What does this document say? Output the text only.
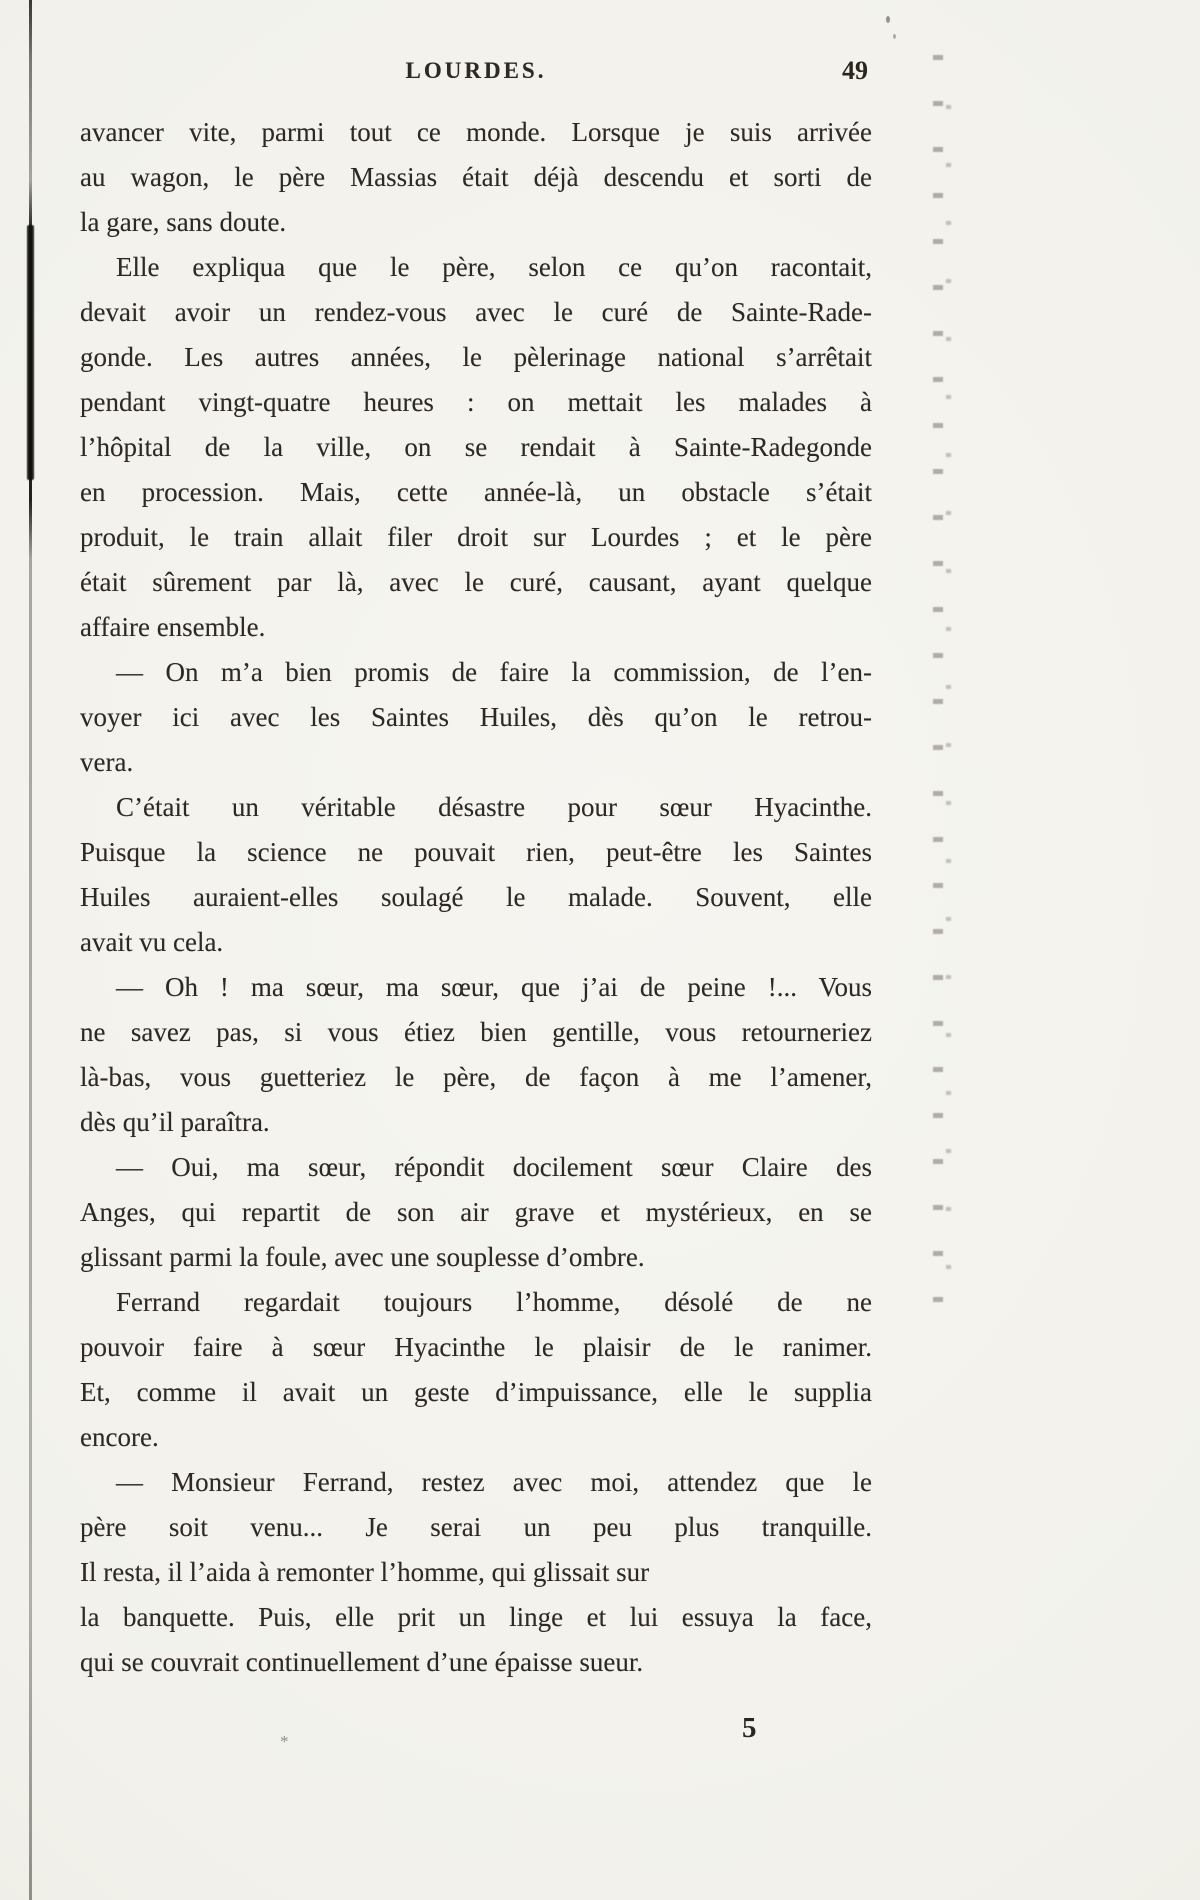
LOURDES.	49
avancer vite, parmi tout ce monde. Lorsque je suis arrivée
au wagon, le père Massias était déjà descendu et sorti de
la gare, sans doute.
Elle expliqua que le père, selon ce qu’on racontait,
devait avoir un rendez-vous avec le curé de Sainte-Rade-
gonde. Les autres années, le pèlerinage national s’arrêtait
pendant vingt-quatre heures : on mettait les malades à
l’hôpital de la ville, on se rendait à Sainte-Radegonde
en procession. Mais, cette année-là, un obstacle s’était
produit, le train allait filer droit sur Lourdes ; et le père
était sûrement par là, avec le curé, causant, ayant quelque
affaire ensemble.
— On m’a bien promis de faire la commission, de l’en-
voyer ici avec les Saintes Huiles, dès qu’on le retrou-
vera.
C’était un véritable désastre pour sœur Hyacinthe.
Puisque la science ne pouvait rien, peut-être les Saintes
Huiles auraient-elles soulagé le malade. Souvent, elle
avait vu cela.
— Oh ! ma sœur, ma sœur, que j’ai de peine !... Vous
ne savez pas, si vous étiez bien gentille, vous retourneriez
là-bas, vous guetteriez le père, de façon à me l’amener,
dès qu’il paraîtra.
— Oui, ma sœur, répondit docilement sœur Claire des
Anges, qui repartit de son air grave et mystérieux, en se
glissant parmi la foule, avec une souplesse d’ombre.
Ferrand regardait toujours l’homme, désolé de ne
pouvoir faire à sœur Hyacinthe le plaisir de le ranimer.
Et, comme il avait un geste d’impuissance, elle le supplia
encore.
— Monsieur Ferrand, restez avec moi, attendez que le
père soit venu... Je serai un peu plus tranquille.
Il resta, il l’aida à remonter l’homme, qui glissait sur
la banquette. Puis, elle prit un linge et lui essuya la face,
qui se couvrait continuellement d’une épaisse sueur.
*	5
